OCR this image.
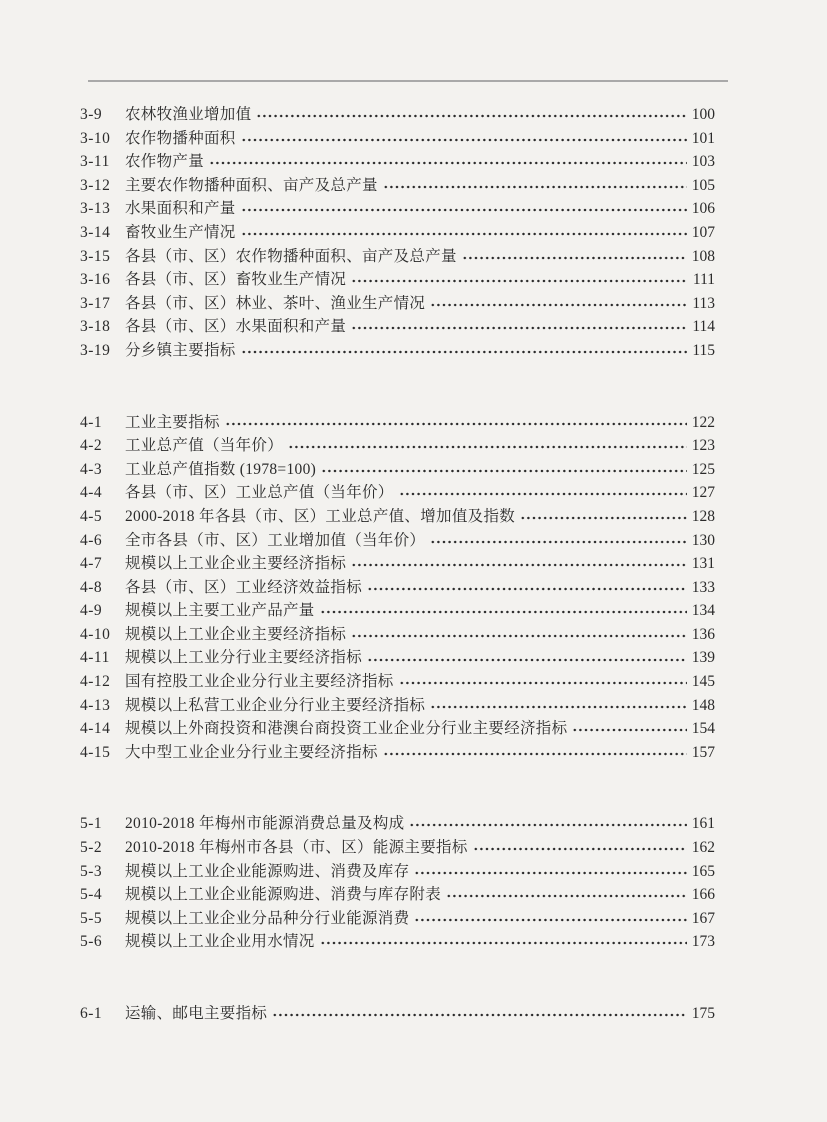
3-9	农林牧渔业增加值	100
3-10 农作物播种面积	101
3-11 农作物产量	103
3-12 主要农作物播种面积、亩产及总产量	105
3-13 水果面积和产量	106
3-14 畜牧业生产情况	107
3-15 各县（市、区）农作物播种面积、亩产及总产量	108
3-16 各县（市、区）畜牧业生产情况	111
3-17 各县（市、区）林业、茶叶、渔业生产情况	113
3-18 各县（市、区）水果面积和产量	114
3-19 分乡镇主要指标	115
4-1	工业主要指标	122
4-2	工业总产值（当年价）	123
4-3	工业总产值指数 (1978=100)	125
4-4	各县（市、区）工业总产值（当年价）	127
4-5	2000-2018 年各县（市、区）工业总产值、增加值及指数	128
4-6	全市各县（市、区）工业增加值（当年价）	130
4-7	规模以上工业企业主要经济指标	131
4-8	各县（市、区）工业经济效益指标	133
4-9	规模以上主要工业产品产量	134
4-10 规模以上工业企业主要经济指标	136
4-11 规模以上工业分行业主要经济指标	139
4-12 国有控股工业企业分行业主要经济指标	145
4-13 规模以上私营工业企业分行业主要经济指标	148
4-14 规模以上外商投资和港澳台商投资工业企业分行业主要经济指标	154
4-15 大中型工业企业分行业主要经济指标	157
5-1	2010-2018 年梅州市能源消费总量及构成	161
5-2	2010-2018 年梅州市各县（市、区）能源主要指标	162
5-3	规模以上工业企业能源购进、消费及库存	165
5-4	规模以上工业企业能源购进、消费与库存附表	166
5-5	规模以上工业企业分品种分行业能源消费	167
5-6	规模以上工业企业用水情况	173
6-1	运输、邮电主要指标	175
